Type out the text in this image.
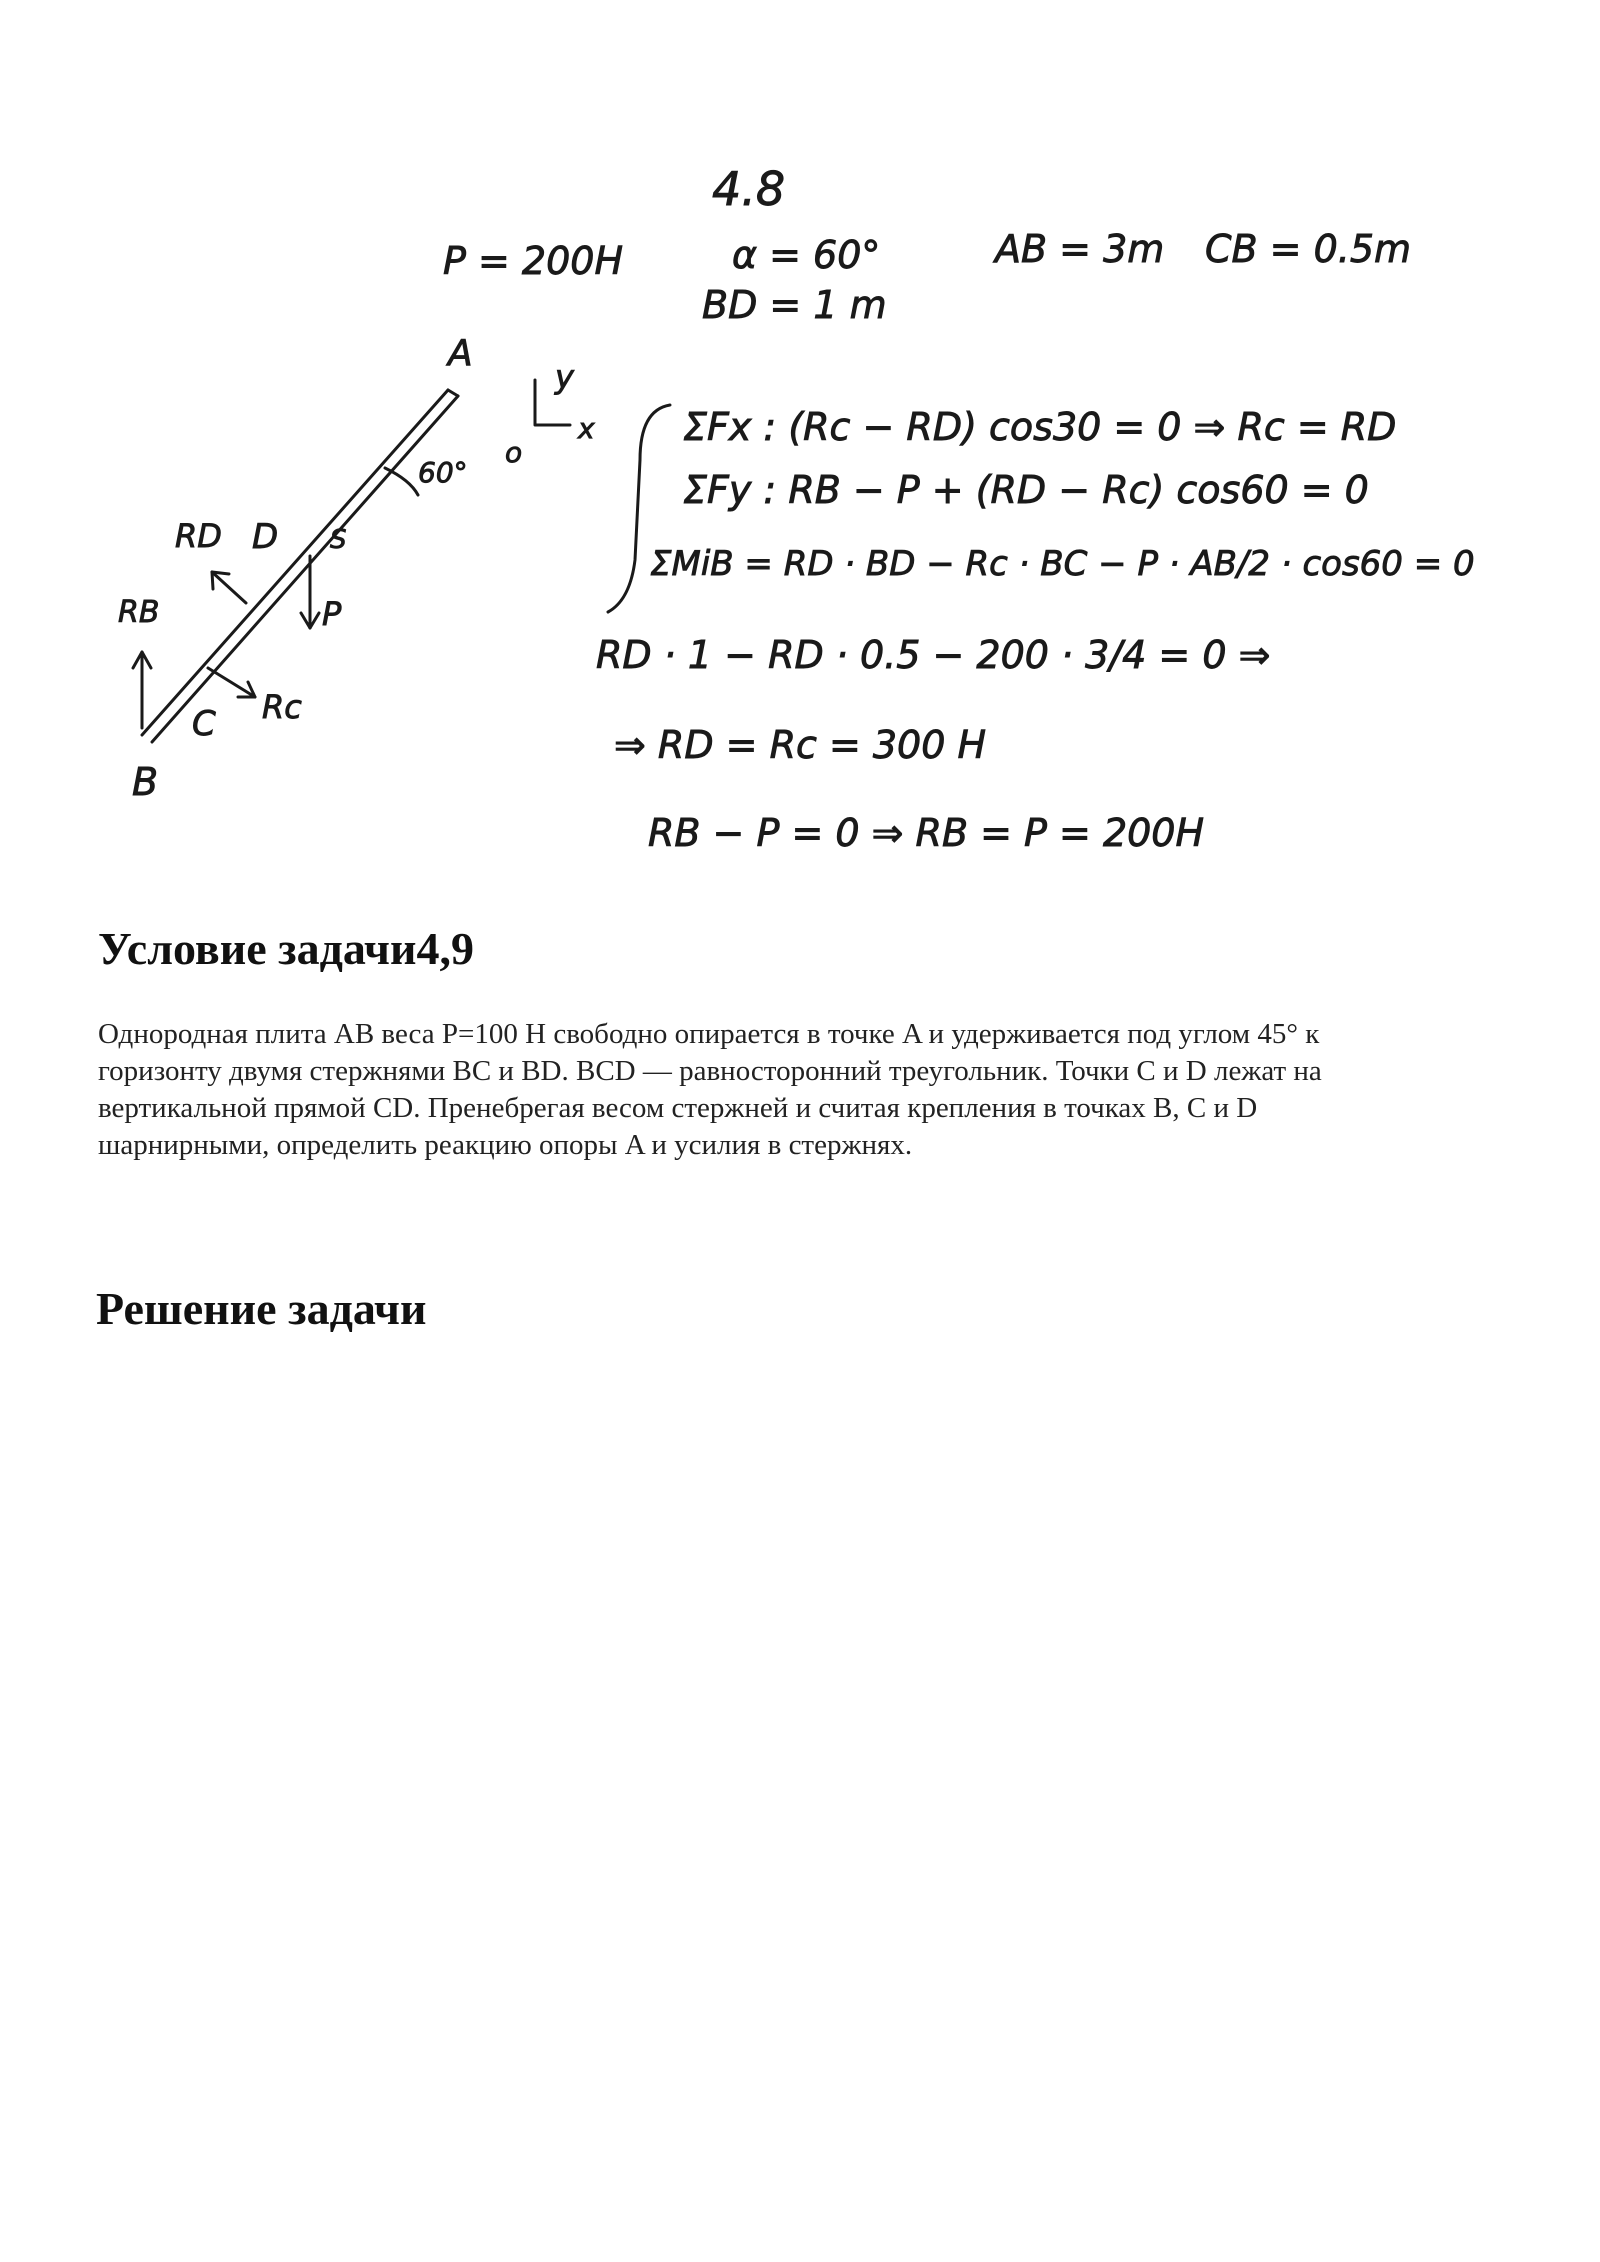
4.8
P = 200H	α = 60°	AB = 3m CB = 0.5m
BD = 1 m
A
B
C
D
RB
RD
Rc
P
60°
o
S
y
x ΣFx : (Rc − RD) cos30 = 0 ⇒ Rc = RD
ΣFy : RB − P + (RD − Rc) cos60 = 0
ΣMiB = RD · BD − Rc · BC − P · AB/2 · cos60 = 0
RD · 1 − RD · 0.5 − 200 · 3/4 = 0 ⇒
⇒ RD = Rc = 300 H
RB − P = 0 ⇒ RB = P = 200H
Условие задачи4,9

Однородная плита AB веса P=100 Н свободно опирается в точке A и удерживается под углом 45° к
горизонту двумя стержнями BC и BD. BCD — равносторонний треугольник. Точки C и D лежат на
вертикальной прямой CD. Пренебрегая весом стержней и считая крепления в точках B, C и D
шарнирными, определить реакцию опоры A и усилия в стержнях.

Решение задачи
